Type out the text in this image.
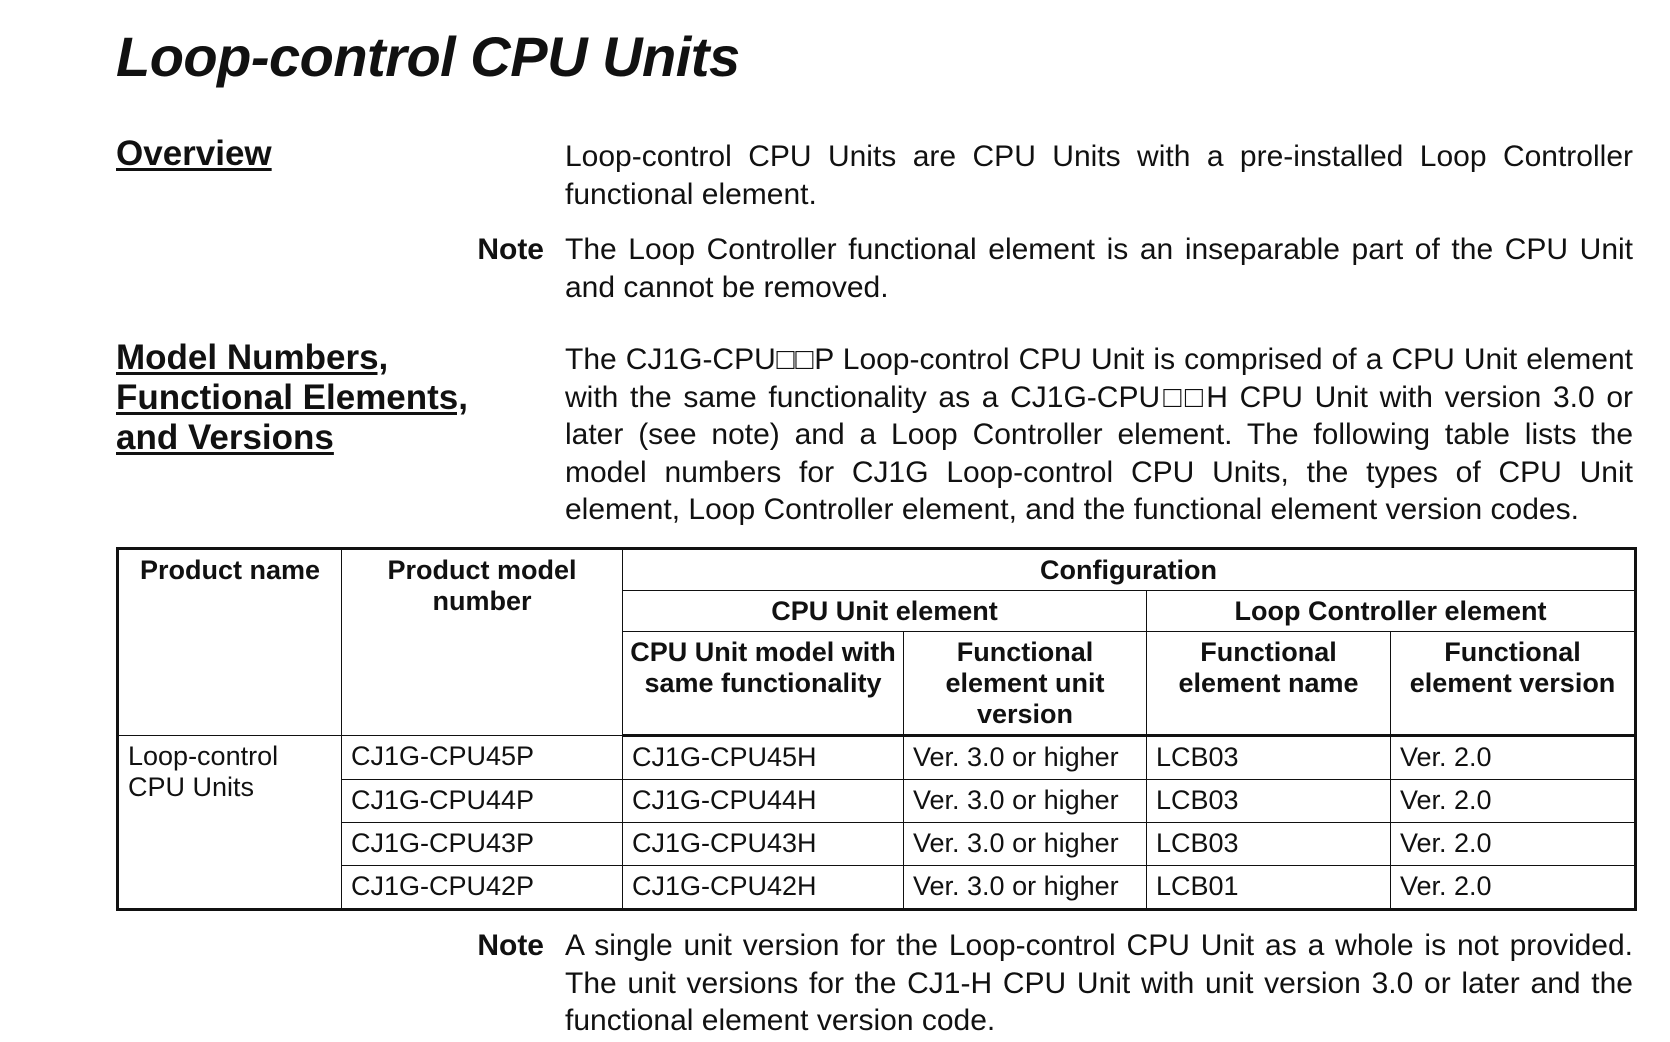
Loop-control CPU Units
Overview	Loop-control CPU Units are CPU Units with a pre-installed Loop Controller functional element.

Note The Loop Controller functional element is an inseparable part of the CPU Unit and cannot be removed.

Model Numbers,
Functional Elements,
and Versions

The CJ1G-CPU□□P Loop-control CPU Unit is comprised of a CPU Unit element with the same functionality as a CJ1G-CPU□□H CPU Unit with version 3.0 or later (see note) and a Loop Controller element. The following table lists the model numbers for CJ1G Loop-control CPU Units, the types of CPU Unit element, Loop Controller element, and the functional element version codes.

Product name	Product model number	Configuration			
		CPU Unit element		Loop Controller element	
		CPU Unit model with same functionality	Functional element unit version	Functional element name	Functional element version
Loop-control CPU Units	CJ1G-CPU45P	CJ1G-CPU45H	Ver. 3.0 or higher	LCB03	Ver. 2.0
	CJ1G-CPU44P	CJ1G-CPU44H	Ver. 3.0 or higher	LCB03	Ver. 2.0
	CJ1G-CPU43P	CJ1G-CPU43H	Ver. 3.0 or higher	LCB03	Ver. 2.0
	CJ1G-CPU42P	CJ1G-CPU42H	Ver. 3.0 or higher	LCB01	Ver. 2.0

Note A single unit version for the Loop-control CPU Unit as a whole is not provided. The unit versions for the CJ1-H CPU Unit with unit version 3.0 or later and the functional element version code.
